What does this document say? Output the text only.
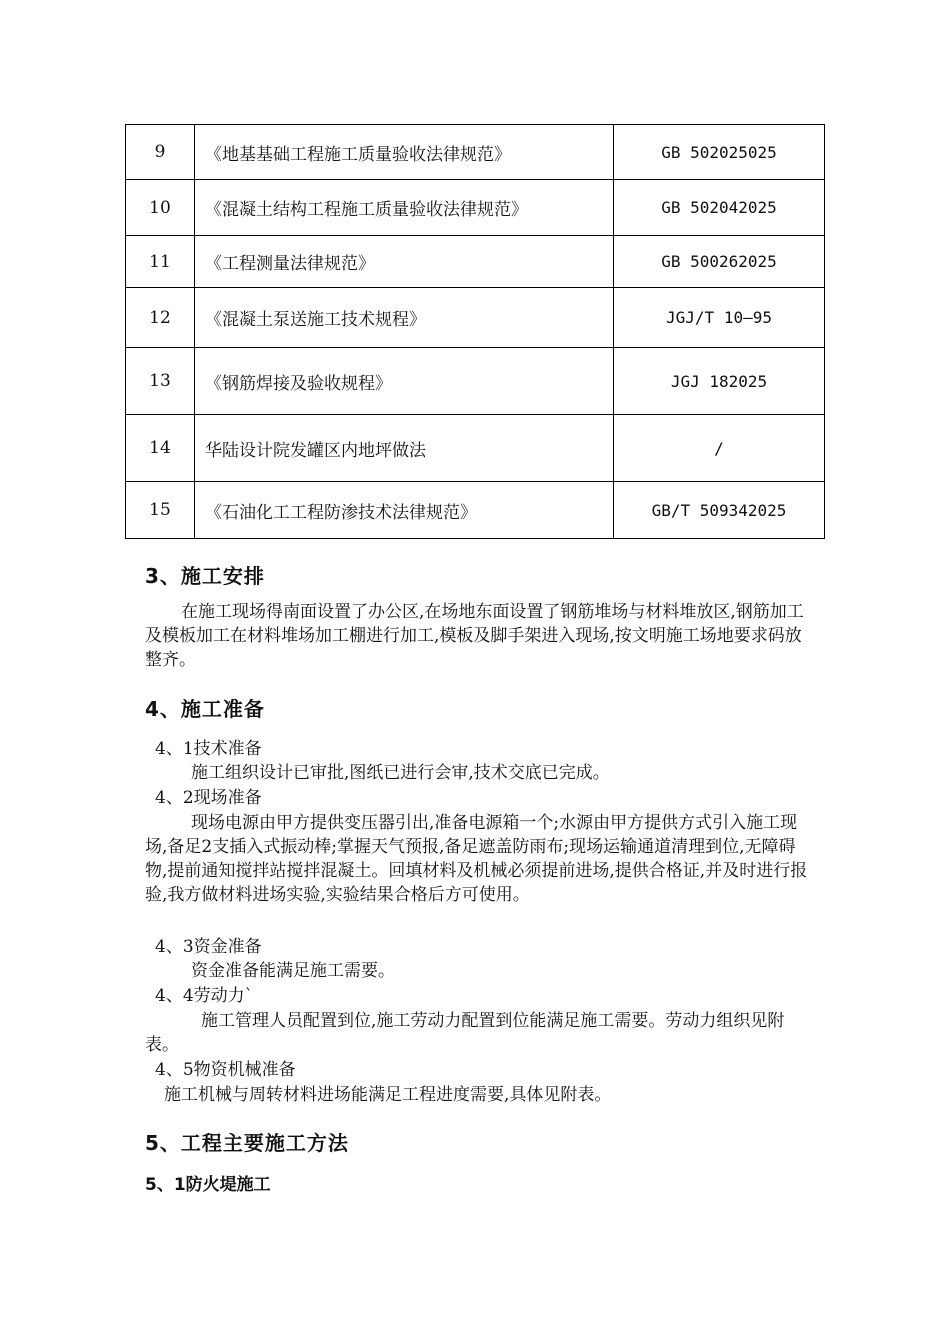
9	《地基基础工程施工质量验收法律规范》	GB 502025025
10	《混凝土结构工程施工质量验收法律规范》	GB 502042025
11	《工程测量法律规范》	GB 500262025
12	《混凝土泵送施工技术规程》	JGJ/T 10—95
13	《钢筋焊接及验收规程》	JGJ 182025
14	华陆设计院发罐区内地坪做法	/
15	《石油化工工程防渗技术法律规范》	GB/T 509342025
3、施工安排

在施工现场得南面设置了办公区,在场地东面设置了钢筋堆场与材料堆放区,钢筋加工及模板加工在材料堆场加工棚进行加工,模板及脚手架进入现场,按文明施工场地要求码放整齐。

4、施工准备
4、1技术准备
施工组织设计已审批,图纸已进行会审,技术交底已完成。
4、2现场准备

现场电源由甲方提供变压器引出,准备电源箱一个;水源由甲方提供方式引入施工现场,备足2支插入式振动棒;掌握天气预报,备足遮盖防雨布;现场运输通道清理到位,无障碍物,提前通知搅拌站搅拌混凝土。回填材料及机械必须提前进场,提供合格证,并及时进行报验,我方做材料进场实验,实验结果合格后方可使用。

4、3资金准备
资金准备能满足施工需要。
4、4劳动力`

施工管理人员配置到位,施工劳动力配置到位能满足施工需要。劳动力组织见附表。

4、5物资机械准备
施工机械与周转材料进场能满足工程进度需要,具体见附表。
5、工程主要施工方法
5、1防火堤施工
